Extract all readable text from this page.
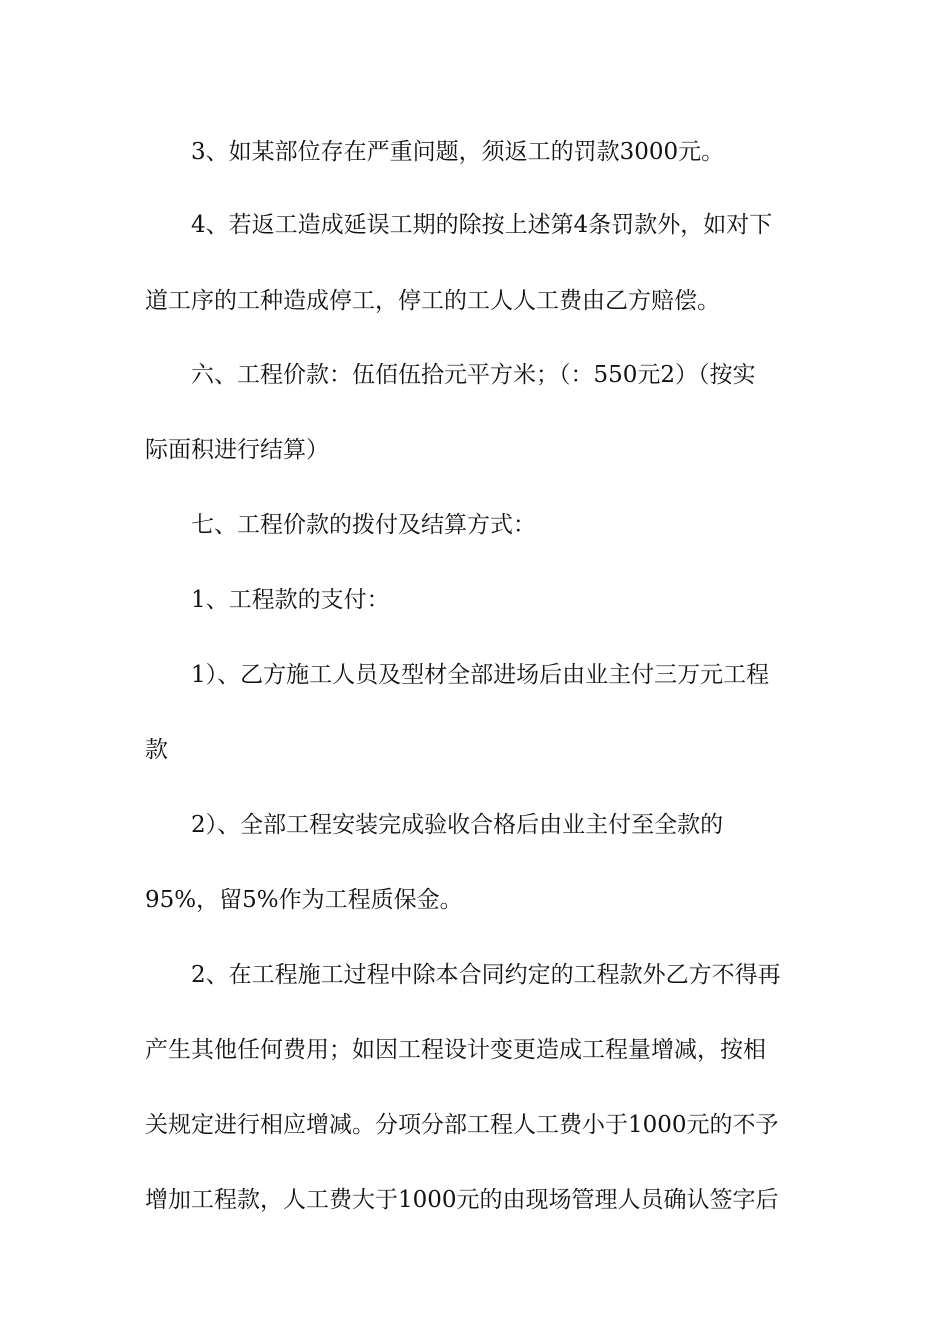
3、如某部位存在严重问题，须返工的罚款3000元。
4、若返工造成延误工期的除按上述第4条罚款外，如对下
道工序的工种造成停工，停工的工人人工费由乙方赔偿。
六、工程价款：伍佰伍拾元平方米；（：550元2）（按实
际面积进行结算）
七、工程价款的拨付及结算方式：
1、工程款的支付：
1）、乙方施工人员及型材全部进场后由业主付三万元工程
款
2）、全部工程安装完成验收合格后由业主付至全款的
95%，留5%作为工程质保金。
2、在工程施工过程中除本合同约定的工程款外乙方不得再
产生其他任何费用；如因工程设计变更造成工程量增减，按相
关规定进行相应增减。分项分部工程人工费小于1000元的不予
增加工程款，人工费大于1000元的由现场管理人员确认签字后
